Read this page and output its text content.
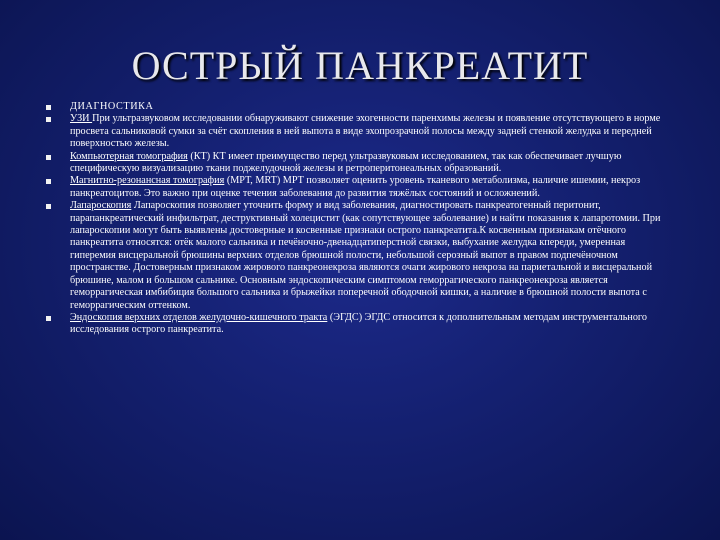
ОСТРЫЙ ПАНКРЕАТИТ
ДИАГНОСТИКА
УЗИ При ультразвуковом исследовании обнаруживают снижение эхогенности паренхимы железы и появление отсутствующего в норме просвета сальниковой сумки за счёт скопления в ней выпота в виде эхопрозрачной полосы между задней стенкой желудка и передней поверхностью железы.
Компьютерная томография (КТ) КТ имеет преимущество перед ультразвуковым исследованием, так как обеспечивает лучшую специфическую визуализацию ткани поджелудочной железы и ретроперитонеальных образований.
Магнитно-резонансная томография (МРТ, MRT) МРТ позволяет оценить уровень тканевого метаболизма, наличие ишемии, некроз панкреатоцитов. Это важно при оценке течения заболевания до развития тяжёлых состояний и осложнений.
Лапароскопия Лапароскопия позволяет уточнить форму и вид заболевания, диагностировать панкреатогенный перитонит, парапанкреатический инфильтрат, деструктивный холецистит (как сопутствующее заболевание) и найти показания к лапаротомии. При лапароскопии могут быть выявлены достоверные и косвенные признаки острого панкреатита.К косвенным признакам отёчного панкреатита относятся: отёк малого сальника и печёночно-двенадцатиперстной связки, выбухание желудка кпереди, умеренная гиперемия висцеральной брюшины верхних отделов брюшной полости, небольшой серозный выпот в правом подпечёночном пространстве. Достоверным признаком жирового панкреонекроза являются очаги жирового некроза на париетальной и висцеральной брюшине, малом и большом сальнике. Основным эндоскопическим симптомом геморрагического панкреонекроза является геморрагическая имбибиция большого сальника и брыжейки поперечной ободочной кишки, а наличие в брюшной полости выпота с геморрагическим оттенком.
Эндоскопия верхних отделов желудочно-кишечного тракта (ЭГДС) ЭГДС относится к дополнительным методам инструментального исследования острого панкреатита.
